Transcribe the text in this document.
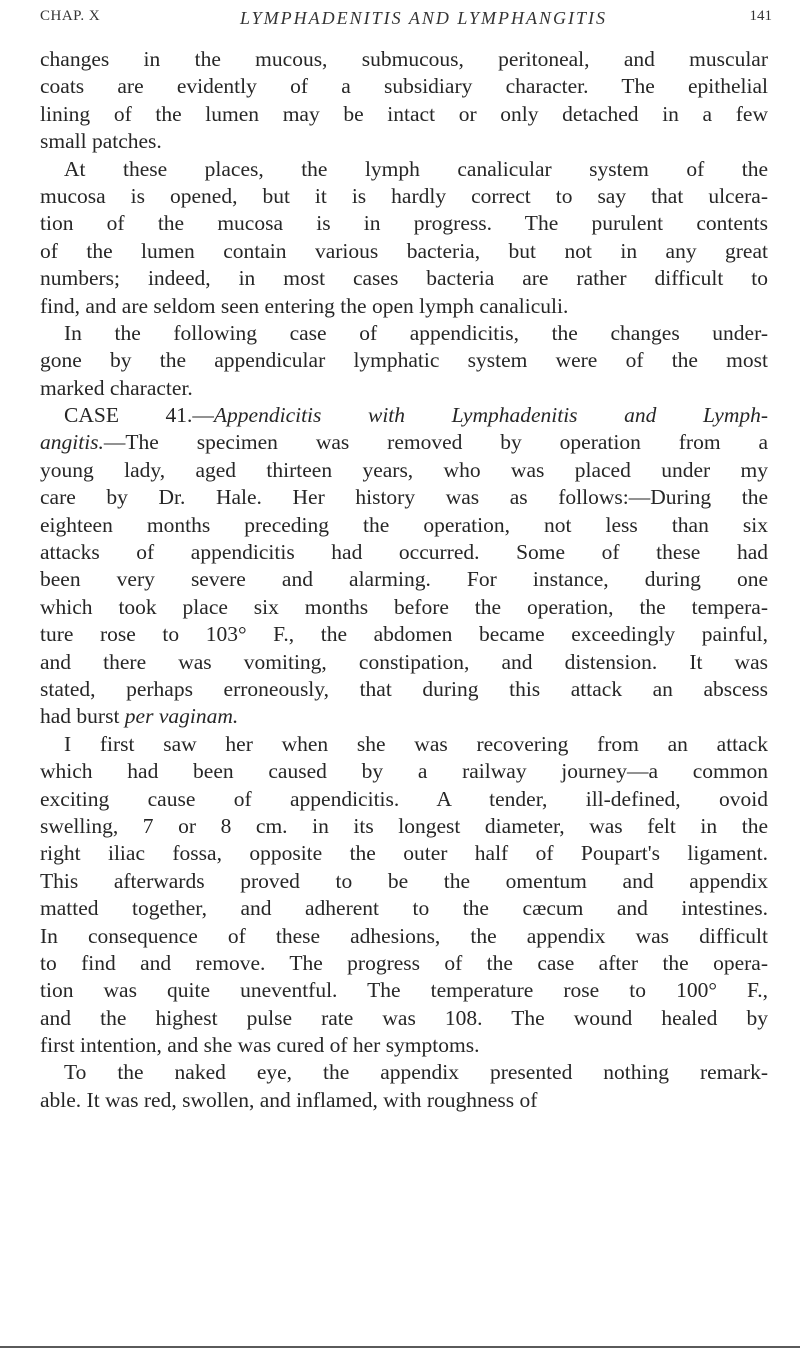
CHAP. X	LYMPHADENITIS AND LYMPHANGITIS	141
changes in the mucous, submucous, peritoneal, and muscular
coats are evidently of a subsidiary character. The epithelial
lining of the lumen may be intact or only detached in a few
small patches.
At these places, the lymph canalicular system of the
mucosa is opened, but it is hardly correct to say that ulcera-
tion of the mucosa is in progress. The purulent contents
of the lumen contain various bacteria, but not in any great
numbers; indeed, in most cases bacteria are rather difficult to
find, and are seldom seen entering the open lymph canaliculi.
In the following case of appendicitis, the changes under-
gone by the appendicular lymphatic system were of the most
marked character.
CASE 41.—Appendicitis with Lymphadenitis and Lymph-
angitis.—The specimen was removed by operation from a
young lady, aged thirteen years, who was placed under my
care by Dr. Hale. Her history was as follows:—During the
eighteen months preceding the operation, not less than six
attacks of appendicitis had occurred. Some of these had
been very severe and alarming. For instance, during one
which took place six months before the operation, the tempera-
ture rose to 103° F., the abdomen became exceedingly painful,
and there was vomiting, constipation, and distension. It was
stated, perhaps erroneously, that during this attack an abscess
had burst per vaginam.
I first saw her when she was recovering from an attack
which had been caused by a railway journey—a common
exciting cause of appendicitis. A tender, ill-defined, ovoid
swelling, 7 or 8 cm. in its longest diameter, was felt in the
right iliac fossa, opposite the outer half of Poupart's ligament.
This afterwards proved to be the omentum and appendix
matted together, and adherent to the cæcum and intestines.
In consequence of these adhesions, the appendix was difficult
to find and remove. The progress of the case after the opera-
tion was quite uneventful. The temperature rose to 100° F.,
and the highest pulse rate was 108. The wound healed by
first intention, and she was cured of her symptoms.
To the naked eye, the appendix presented nothing remark-
able. It was red, swollen, and inflamed, with roughness of
